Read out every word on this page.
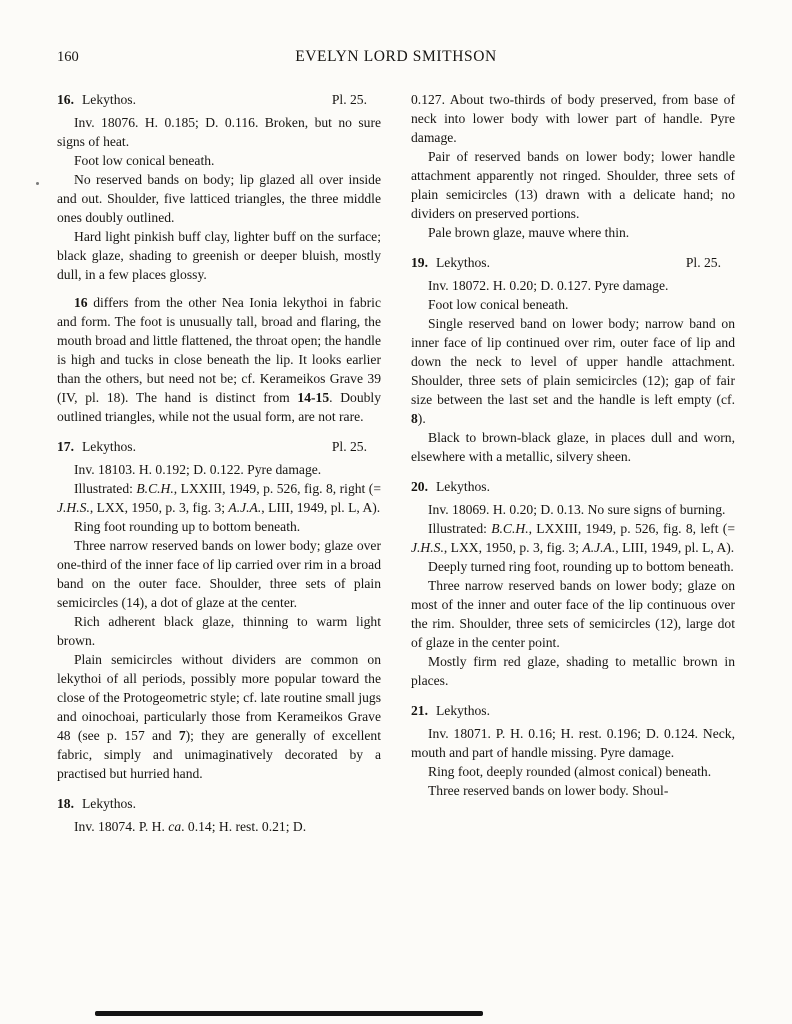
160	EVELYN LORD SMITHSON
16. Lekythos.	Pl. 25.

Inv. 18076. H. 0.185; D. 0.116. Broken, but no sure signs of heat.

Foot low conical beneath.

No reserved bands on body; lip glazed all over inside and out. Shoulder, five latticed triangles, the three middle ones doubly outlined.

Hard light pinkish buff clay, lighter buff on the surface; black glaze, shading to greenish or deeper bluish, mostly dull, in a few places glossy.

16 differs from the other Nea Ionia lekythoi in fabric and form. The foot is unusually tall, broad and flaring, the mouth broad and little flattened, the throat open; the handle is high and tucks in close beneath the lip. It looks earlier than the others, but need not be; cf. Kerameikos Grave 39 (IV, pl. 18). The hand is distinct from 14-15. Doubly outlined triangles, while not the usual form, are not rare.

17. Lekythos.	Pl. 25.

Inv. 18103. H. 0.192; D. 0.122. Pyre damage.

Illustrated: B.C.H., LXXIII, 1949, p. 526, fig. 8, right (= J.H.S., LXX, 1950, p. 3, fig. 3; A.J.A., LIII, 1949, pl. L, A).

Ring foot rounding up to bottom beneath.

Three narrow reserved bands on lower body; glaze over one-third of the inner face of lip carried over rim in a broad band on the outer face. Shoulder, three sets of plain semicircles (14), a dot of glaze at the center.

Rich adherent black glaze, thinning to warm light brown.

Plain semicircles without dividers are common on lekythoi of all periods, possibly more popular toward the close of the Protogeometric style; cf. late routine small jugs and oinochoai, particularly those from Kerameikos Grave 48 (see p. 157 and 7); they are generally of excellent fabric, simply and unimaginatively decorated by a practised but hurried hand.

18. Lekythos.

Inv. 18074. P. H. ca. 0.14; H. rest. 0.21; D.

0.127. About two-thirds of body preserved, from base of neck into lower body with lower part of handle. Pyre damage.

Pair of reserved bands on lower body; lower handle attachment apparently not ringed. Shoulder, three sets of plain semicircles (13) drawn with a delicate hand; no dividers on preserved portions.

Pale brown glaze, mauve where thin.

19. Lekythos.	Pl. 25.

Inv. 18072. H. 0.20; D. 0.127. Pyre damage.

Foot low conical beneath.

Single reserved band on lower body; narrow band on inner face of lip continued over rim, outer face of lip and down the neck to level of upper handle attachment. Shoulder, three sets of plain semicircles (12); gap of fair size between the last set and the handle is left empty (cf. 8).

Black to brown-black glaze, in places dull and worn, elsewhere with a metallic, silvery sheen.

20. Lekythos.

Inv. 18069. H. 0.20; D. 0.13. No sure signs of burning.

Illustrated: B.C.H., LXXIII, 1949, p. 526, fig. 8, left (= J.H.S., LXX, 1950, p. 3, fig. 3; A.J.A., LIII, 1949, pl. L, A).

Deeply turned ring foot, rounding up to bottom beneath.

Three narrow reserved bands on lower body; glaze on most of the inner and outer face of the lip continuous over the rim. Shoulder, three sets of semicircles (12), large dot of glaze in the center point.

Mostly firm red glaze, shading to metallic brown in places.

21. Lekythos.

Inv. 18071. P. H. 0.16; H. rest. 0.196; D. 0.124. Neck, mouth and part of handle missing. Pyre damage.

Ring foot, deeply rounded (almost conical) beneath.

Three reserved bands on lower body. Shoul-
